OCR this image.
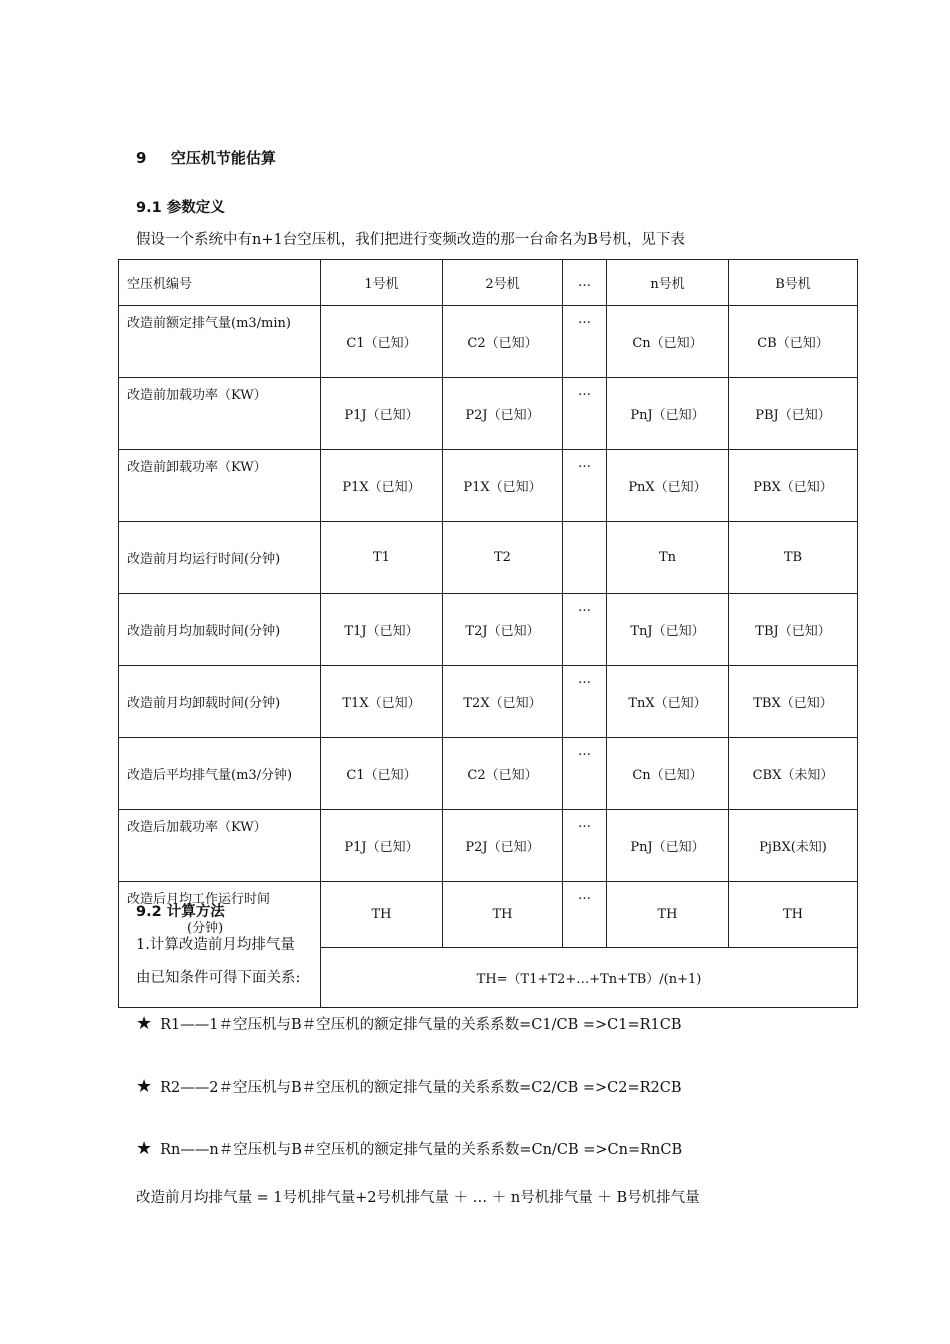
9 空压机节能估算
9.1 参数定义
假设一个系统中有n+1台空压机，我们把进行变频改造的那一台命名为B号机，见下表
空压机编号	1号机	2号机	…	n号机	B号机
改造前额定排气量(m3/min)	C1（已知）	C2（已知）	…	Cn（已知）	CB（已知）
改造前加载功率（KW）	P1J（已知）	P2J（已知）	…	PnJ（已知）	PBJ（已知）
改造前卸载功率（KW）	P1X（已知）	P1X（已知）	…	PnX（已知）	PBX（已知）
改造前月均运行时间(分钟)	T1	T2		Tn	TB
改造前月均加载时间(分钟)	T1J（已知）	T2J（已知）	…	TnJ（已知）	TBJ（已知）
改造前月均卸载时间(分钟)	T1X（已知）	T2X（已知）	…	TnX（已知）	TBX（已知）
改造后平均排气量(m3/分钟)	C1（已知）	C2（已知）	…	Cn（已知）	CBX（未知）
改造后加载功率（KW）	P1J（已知）	P2J（已知）	…	PnJ（已知）	PjBX(未知)

改造后月均工作运行时间
(分钟)	TH	TH	…	TH	TH
	TH=（T1+T2+…+Tn+TB）/(n+1)				
9.2 计算方法
1.计算改造前月均排气量
由已知条件可得下面关系:
★ R1——1＃空压机与B＃空压机的额定排气量的关系系数=C1/CB =>C1=R1CB
★ R2——2＃空压机与B＃空压机的额定排气量的关系系数=C2/CB =>C2=R2CB
★ Rn——n＃空压机与B＃空压机的额定排气量的关系系数=Cn/CB =>Cn=RnCB
改造前月均排气量 = 1号机排气量+2号机排气量 ＋ … ＋ n号机排气量 ＋ B号机排气量
